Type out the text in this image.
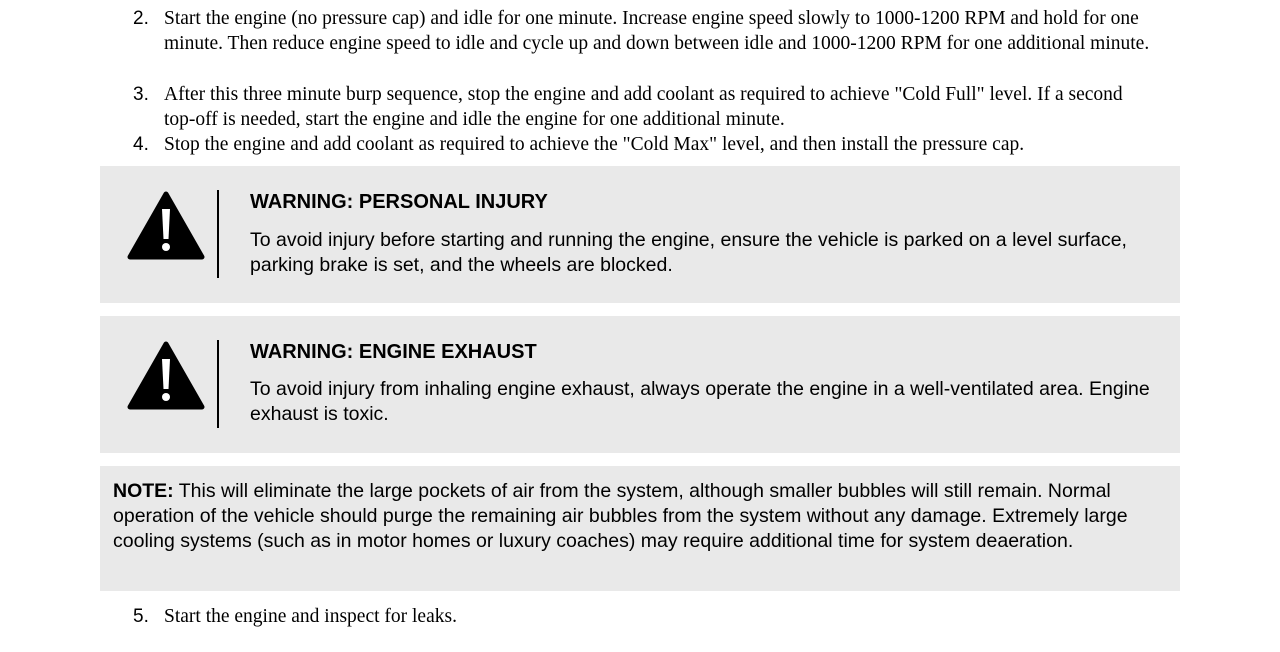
2. Start the engine (no pressure cap) and idle for one minute. Increase engine speed slowly to 1000-1200 RPM and hold for one minute. Then reduce engine speed to idle and cycle up and down between idle and 1000-1200 RPM for one additional minute.
3. After this three minute burp sequence, stop the engine and add coolant as required to achieve "Cold Full" level. If a second top-off is needed, start the engine and idle the engine for one additional minute.
4. Stop the engine and add coolant as required to achieve the "Cold Max" level, and then install the pressure cap.
WARNING: PERSONAL INJURY
To avoid injury before starting and running the engine, ensure the vehicle is parked on a level surface, parking brake is set, and the wheels are blocked.
WARNING: ENGINE EXHAUST
To avoid injury from inhaling engine exhaust, always operate the engine in a well-ventilated area. Engine exhaust is toxic.
NOTE: This will eliminate the large pockets of air from the system, although smaller bubbles will still remain. Normal operation of the vehicle should purge the remaining air bubbles from the system without any damage. Extremely large cooling systems (such as in motor homes or luxury coaches) may require additional time for system deaeration.
5. Start the engine and inspect for leaks.
